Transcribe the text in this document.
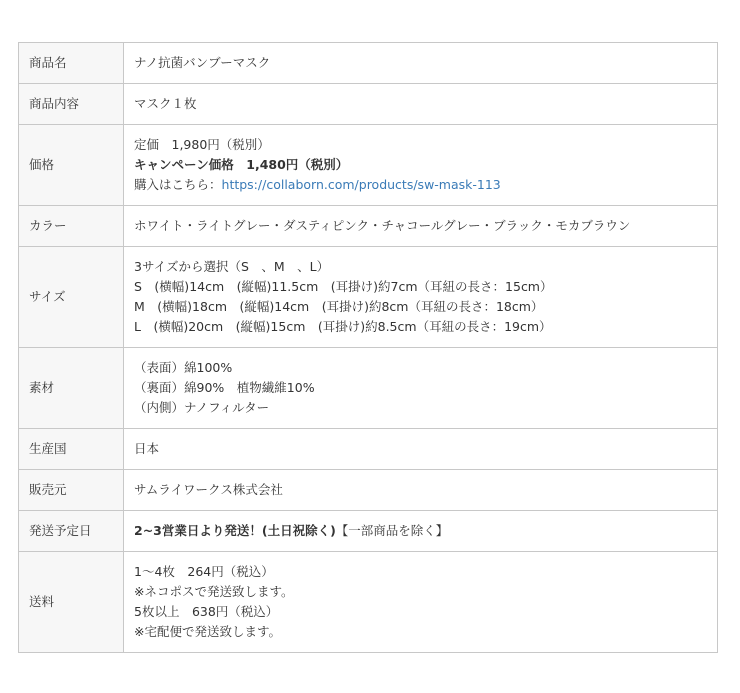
商品名	ナノ抗菌バンブーマスク

商品内容	マスク１枚

価格	定価　1,980円（税別）
キャンペーン価格　1,480円（税別）
購入はこちら：https://collaborn.com/products/sw-mask-113

カラー	ホワイト・ライトグレー・ダスティピンク・チャコールグレー・ブラック・モカブラウン

サイズ	3サイズから選択（S　、M　、L）
S　(横幅)14cm　(縦幅)11.5cm　(耳掛け)約7cm（耳紐の長さ：15cm）
M　(横幅)18cm　(縦幅)14cm　(耳掛け)約8cm（耳紐の長さ：18cm）
L　(横幅)20cm　(縦幅)15cm　(耳掛け)約8.5cm（耳紐の長さ：19cm）

素材	（表面）綿100%
（裏面）綿90%　植物繊維10%
（内側）ナノフィルター

生産国	日本

販売元	サムライワークス株式会社

発送予定日	2~3営業日より発送！(土日祝除く)【一部商品を除く】

送料	1〜4枚　264円（税込）
※ネコポスで発送致します。
5枚以上　638円（税込）
※宅配便で発送致します。
